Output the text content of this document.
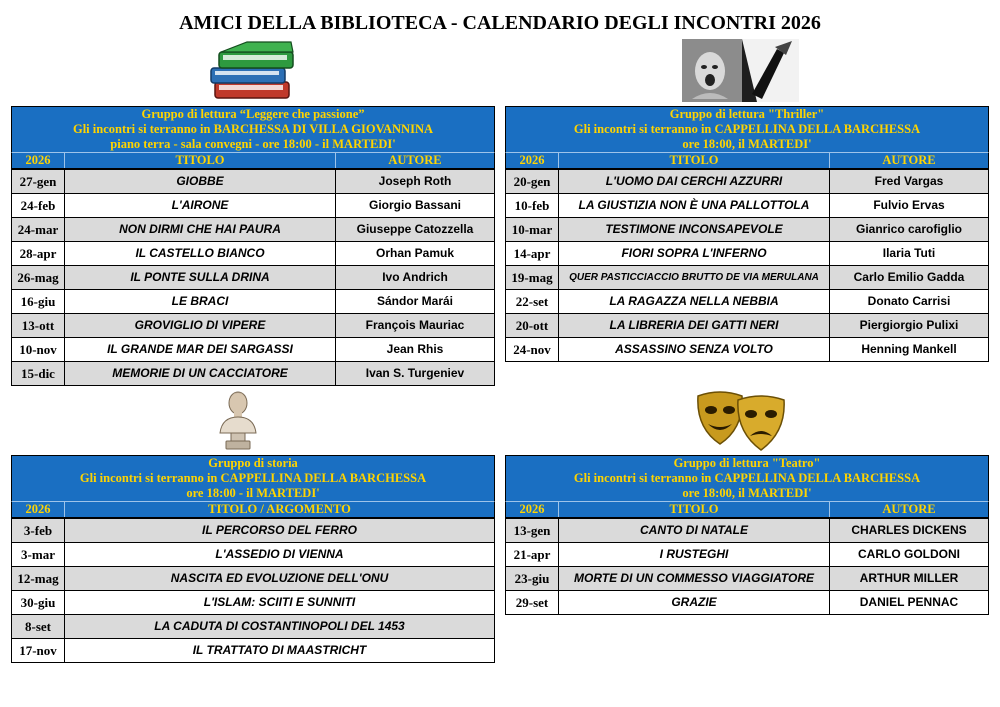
AMICI DELLA BIBLIOTECA - CALENDARIO DEGLI INCONTRI 2026
Gruppo di lettura “Leggere che passione”
Gli incontri si terranno in BARCHESSA DI VILLA GIOVANNINA
piano terra - sala convegni - ore 18:00 - il MARTEDI'
2026	TITOLO	AUTORE
27-gen	GIOBBE	Joseph Roth
24-feb	L'AIRONE	Giorgio Bassani
24-mar	NON DIRMI CHE HAI PAURA	Giuseppe Catozzella
28-apr	IL CASTELLO BIANCO	Orhan Pamuk
26-mag	IL PONTE SULLA DRINA	Ivo Andrich
16-giu	LE BRACI	Sándor Marái
13-ott	GROVIGLIO DI VIPERE	François Mauriac
10-nov	IL GRANDE MAR DEI SARGASSI	Jean Rhis
15-dic	MEMORIE DI UN CACCIATORE	Ivan S. Turgeniev
Gruppo di lettura "Thriller"
Gli incontri si terranno in CAPPELLINA DELLA BARCHESSA
ore 18:00, il MARTEDI'
2026	TITOLO	AUTORE
20-gen	L'UOMO DAI CERCHI AZZURRI	Fred Vargas
10-feb	LA GIUSTIZIA NON È UNA PALLOTTOLA	Fulvio Ervas
10-mar	TESTIMONE INCONSAPEVOLE	Gianrico carofiglio
14-apr	FIORI SOPRA L'INFERNO	Ilaria Tuti
19-mag	QUER PASTICCIACCIO BRUTTO DE VIA MERULANA	Carlo Emilio Gadda
22-set	LA RAGAZZA NELLA NEBBIA	Donato Carrisi
20-ott	LA LIBRERIA DEI GATTI NERI	Piergiorgio Pulixi
24-nov	ASSASSINO SENZA VOLTO	Henning Mankell
Gruppo di storia
Gli incontri si terranno in CAPPELLINA DELLA BARCHESSA
ore 18:00 - il MARTEDI'
2026	TITOLO / ARGOMENTO
3-feb	IL PERCORSO DEL FERRO
3-mar	L'ASSEDIO DI VIENNA
12-mag	NASCITA ED EVOLUZIONE DELL'ONU
30-giu	L'ISLAM: SCIITI E SUNNITI
8-set	LA CADUTA DI COSTANTINOPOLI DEL 1453
17-nov	IL TRATTATO DI MAASTRICHT
Gruppo di lettura "Teatro"
Gli incontri si terranno in CAPPELLINA DELLA BARCHESSA
ore 18:00, il MARTEDI'
2026	TITOLO	AUTORE
13-gen	CANTO DI NATALE	CHARLES DICKENS
21-apr	I RUSTEGHI	CARLO GOLDONI
23-giu	MORTE DI UN COMMESSO VIAGGIATORE	ARTHUR MILLER
29-set	GRAZIE	DANIEL PENNAC
